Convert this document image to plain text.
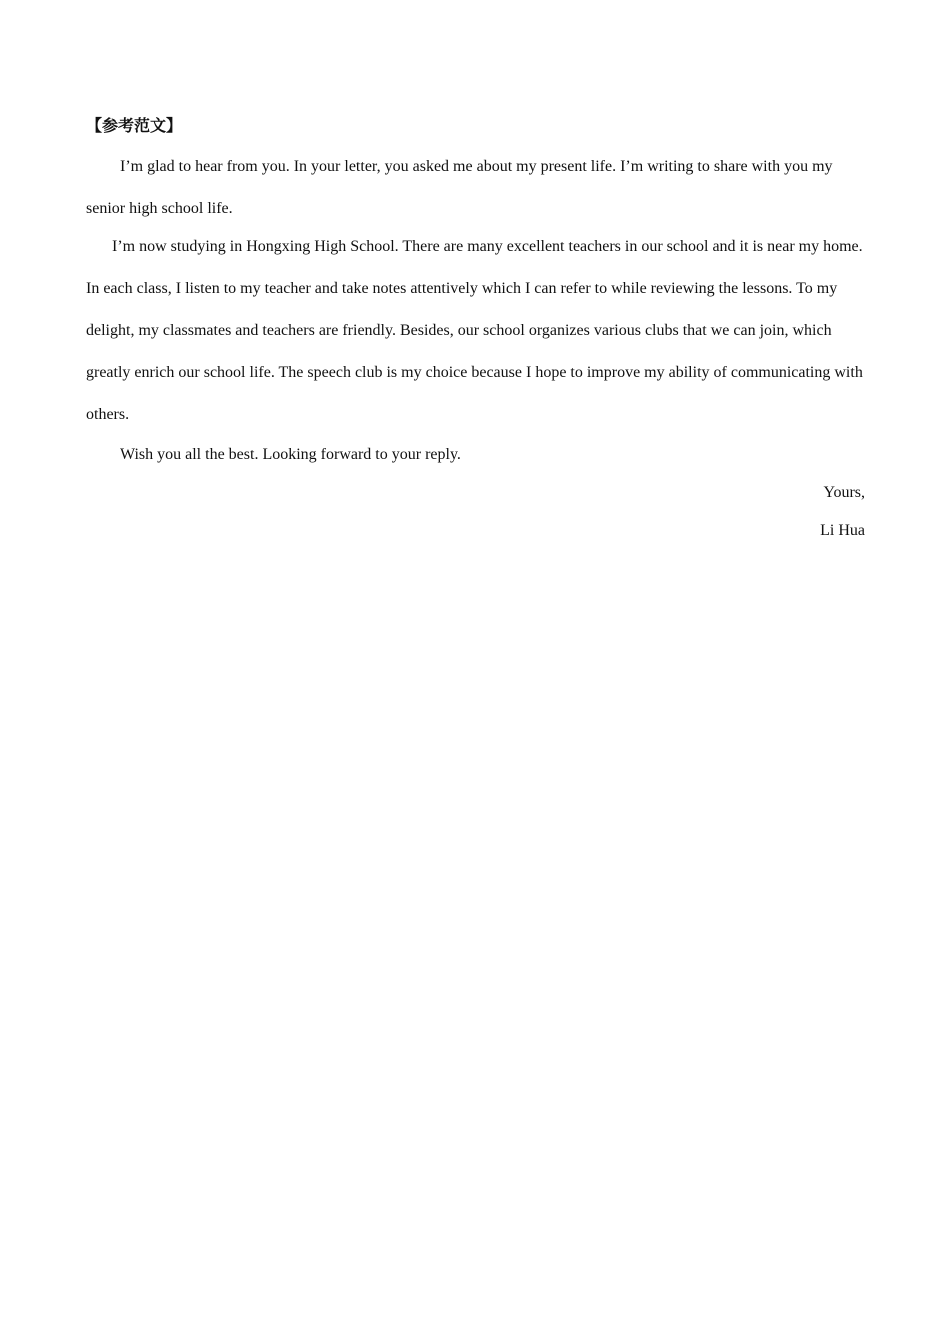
【参考范文】

I’m glad to hear from you. In your letter, you asked me about my present life. I’m writing to share with you my senior high school life.

I’m now studying in Hongxing High School. There are many excellent teachers in our school and it is near my home. In each class, I listen to my teacher and take notes attentively which I can refer to while reviewing the lessons. To my delight, my classmates and teachers are friendly. Besides, our school organizes various clubs that we can join, which greatly enrich our school life. The speech club is my choice because I hope to improve my ability of communicating with others.

Wish you all the best. Looking forward to your reply.

Yours,

Li Hua
